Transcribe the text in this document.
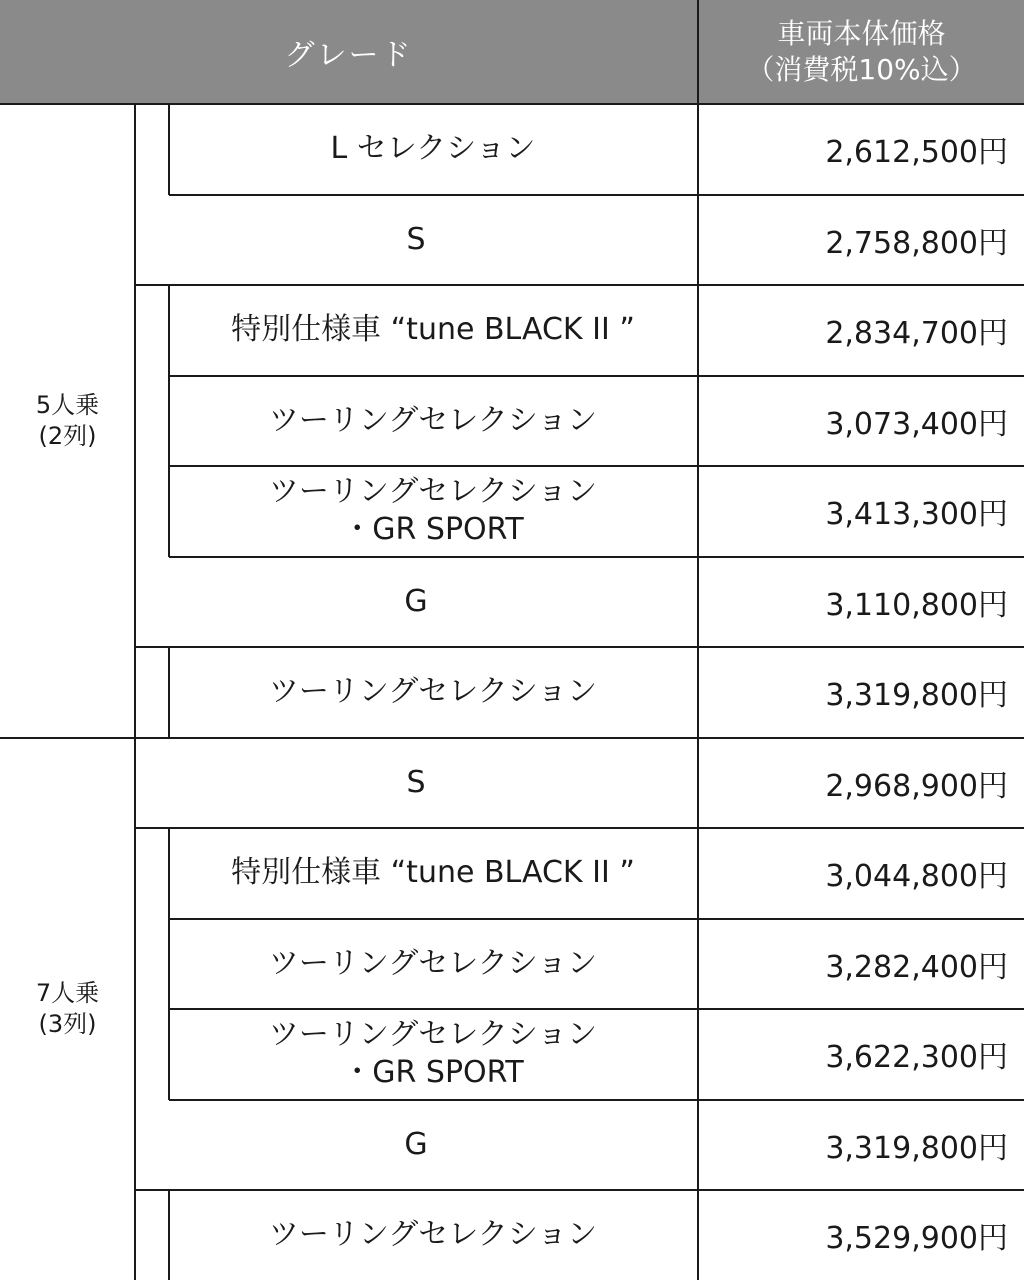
グレード
車両本体価格
（消費税10%込）
5人乗
(2列)
L セレクション	2,612,500円
S	2,758,800円
特別仕様車 “tune BLACK II ”	2,834,700円
ツーリングセレクション	3,073,400円
ツーリングセレクション
・GR SPORT	3,413,300円
G	3,110,800円
ツーリングセレクション	3,319,800円
7人乗
(3列)
S	2,968,900円
特別仕様車 “tune BLACK II ”	3,044,800円
ツーリングセレクション	3,282,400円
ツーリングセレクション
・GR SPORT	3,622,300円
G	3,319,800円
ツーリングセレクション	3,529,900円
